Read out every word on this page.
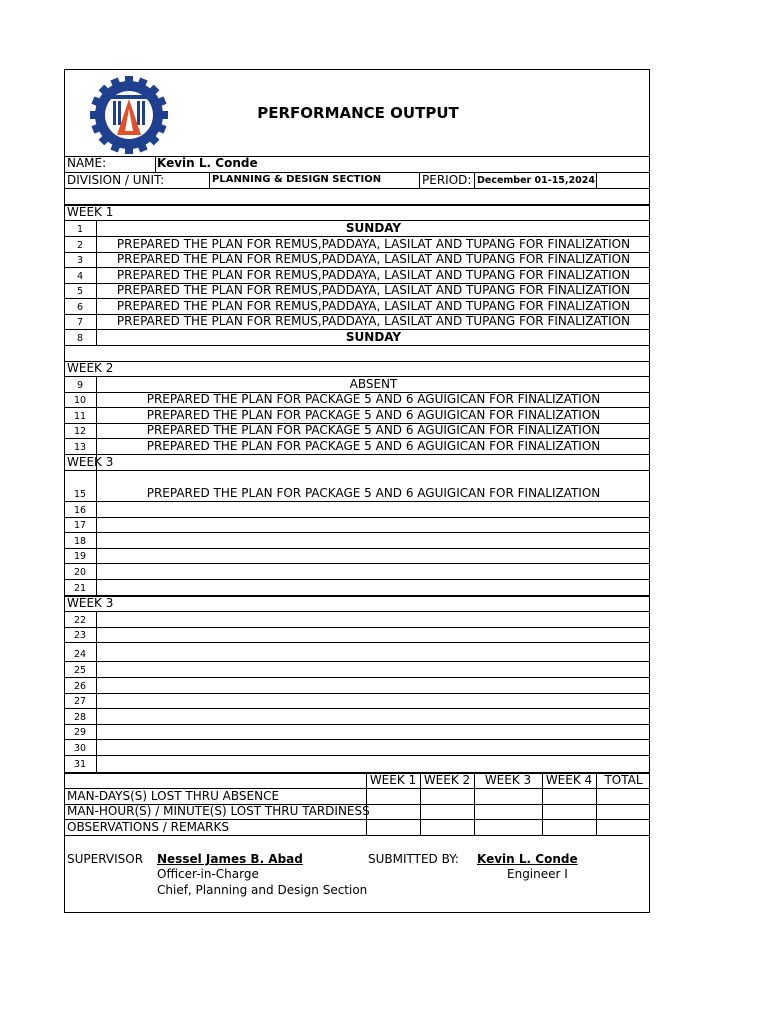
PERFORMANCE OUTPUT
NAME:	Kevin L. Conde
DIVISION / UNIT:	PLANNING & DESIGN SECTION	PERIOD: December 01-15,2024
WEEK 1
1	SUNDAY
2	PREPARED THE PLAN FOR REMUS,PADDAYA, LASILAT AND TUPANG FOR FINALIZATION
3	PREPARED THE PLAN FOR REMUS,PADDAYA, LASILAT AND TUPANG FOR FINALIZATION
4	PREPARED THE PLAN FOR REMUS,PADDAYA, LASILAT AND TUPANG FOR FINALIZATION
5	PREPARED THE PLAN FOR REMUS,PADDAYA, LASILAT AND TUPANG FOR FINALIZATION
6	PREPARED THE PLAN FOR REMUS,PADDAYA, LASILAT AND TUPANG FOR FINALIZATION
7	PREPARED THE PLAN FOR REMUS,PADDAYA, LASILAT AND TUPANG FOR FINALIZATION
8	SUNDAY
WEEK 2
9	ABSENT
10	PREPARED THE PLAN FOR PACKAGE 5 AND 6 AGUIGICAN FOR FINALIZATION
11	PREPARED THE PLAN FOR PACKAGE 5 AND 6 AGUIGICAN FOR FINALIZATION
12	PREPARED THE PLAN FOR PACKAGE 5 AND 6 AGUIGICAN FOR FINALIZATION
13	PREPARED THE PLAN FOR PACKAGE 5 AND 6 AGUIGICAN FOR FINALIZATION
WEEK 3
15	PREPARED THE PLAN FOR PACKAGE 5 AND 6 AGUIGICAN FOR FINALIZATION
16
17
18
19
20
21
WEEK 3
22
23
24
25
26
27
28
29
30
31
WEEK 1 WEEK 2	WEEK 3	WEEK 4	TOTAL
MAN-DAYS(S) LOST THRU ABSENCE
MAN-HOUR(S) / MINUTE(S) LOST THRU TARDINESS
OBSERVATIONS / REMARKS
SUPERVISOR Nessel James B. Abad
Officer-in-Charge
Chief, Planning and Design Section
SUBMITTED BY: Kevin L. Conde
Engineer I
